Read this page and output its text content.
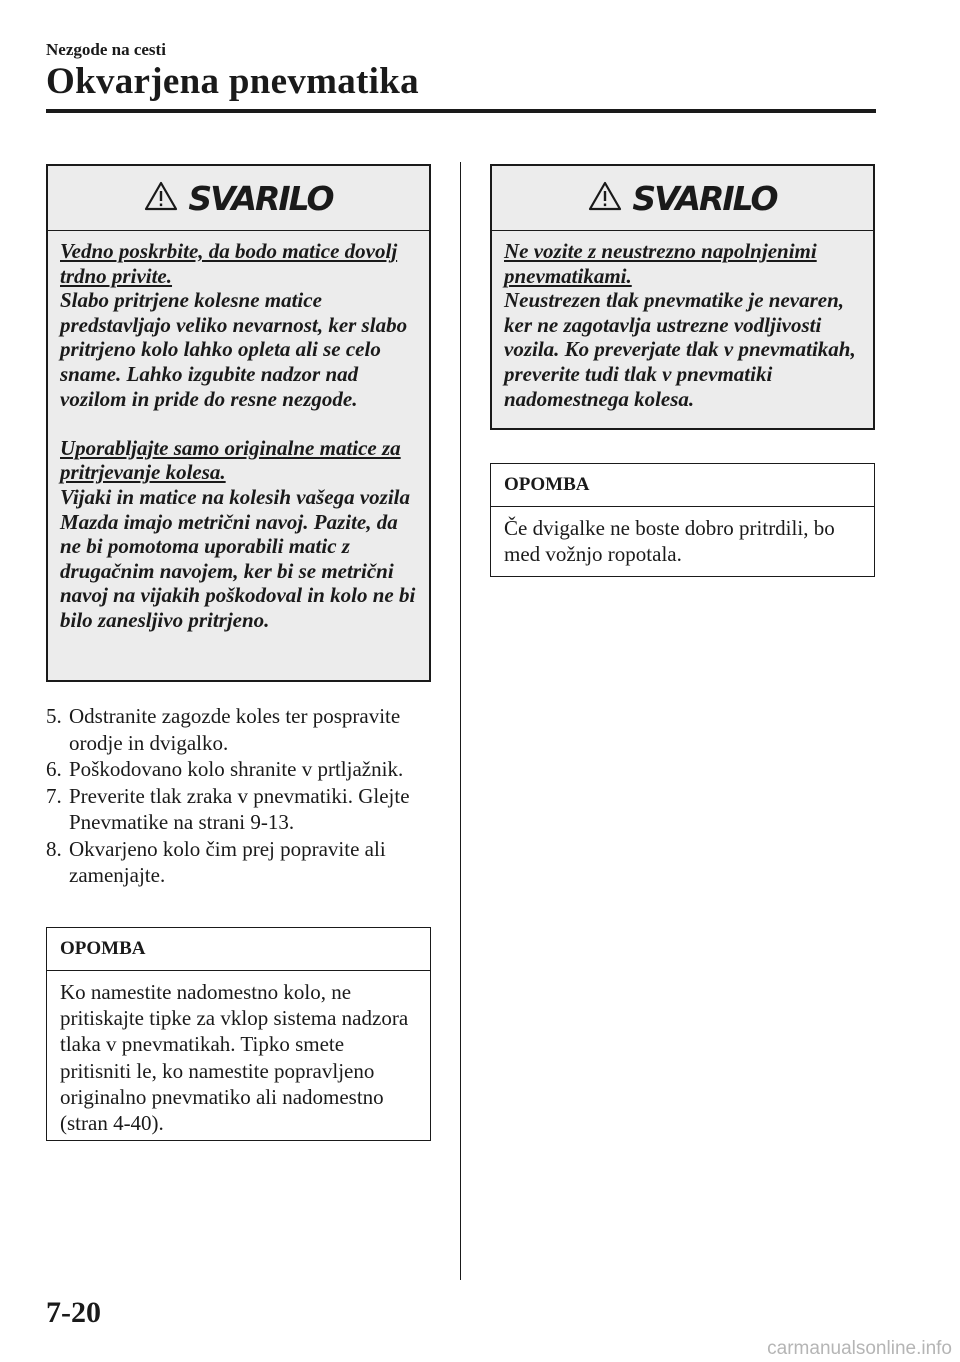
Nezgode na cesti
Okvarjena pnevmatika
SVARILO

Vedno poskrbite, da bodo matice dovolj trdno privite.

Slabo pritrjene kolesne matice predstavljajo veliko nevarnost, ker slabo pritrjeno kolo lahko opleta ali se celo sname. Lahko izgubite nadzor nad vozilom in pride do resne nezgode.

Uporabljajte samo originalne matice za pritrjevanje kolesa.

Vijaki in matice na kolesih vašega vozila Mazda imajo metrični navoj. Pazite, da ne bi pomotoma uporabili matic z drugačnim navojem, ker bi se metrični navoj na vijakih poškodoval in kolo ne bi bilo zanesljivo pritrjeno.

5. Odstranite zagozde koles ter pospravite orodje in dvigalko.
6. Poškodovano kolo shranite v prtljažnik.
7. Preverite tlak zraka v pnevmatiki. Glejte Pnevmatike na strani 9-13.
8. Okvarjeno kolo čim prej popravite ali zamenjajte.
OPOMBA
Ko namestite nadomestno kolo, ne pritiskajte tipke za vklop sistema nadzora tlaka v pnevmatikah. Tipko smete pritisniti le, ko namestite popravljeno originalno pnevmatiko ali nadomestno (stran 4-40).
SVARILO

Ne vozite z neustrezno napolnjenimi pnevmatikami.

Neustrezen tlak pnevmatike je nevaren, ker ne zagotavlja ustrezne vodljivosti vozila. Ko preverjate tlak v pnevmatikah, preverite tudi tlak v pnevmatiki nadomestnega kolesa.

OPOMBA
Če dvigalke ne boste dobro pritrdili, bo med vožnjo ropotala.
7-20
carmanualsonline.info
